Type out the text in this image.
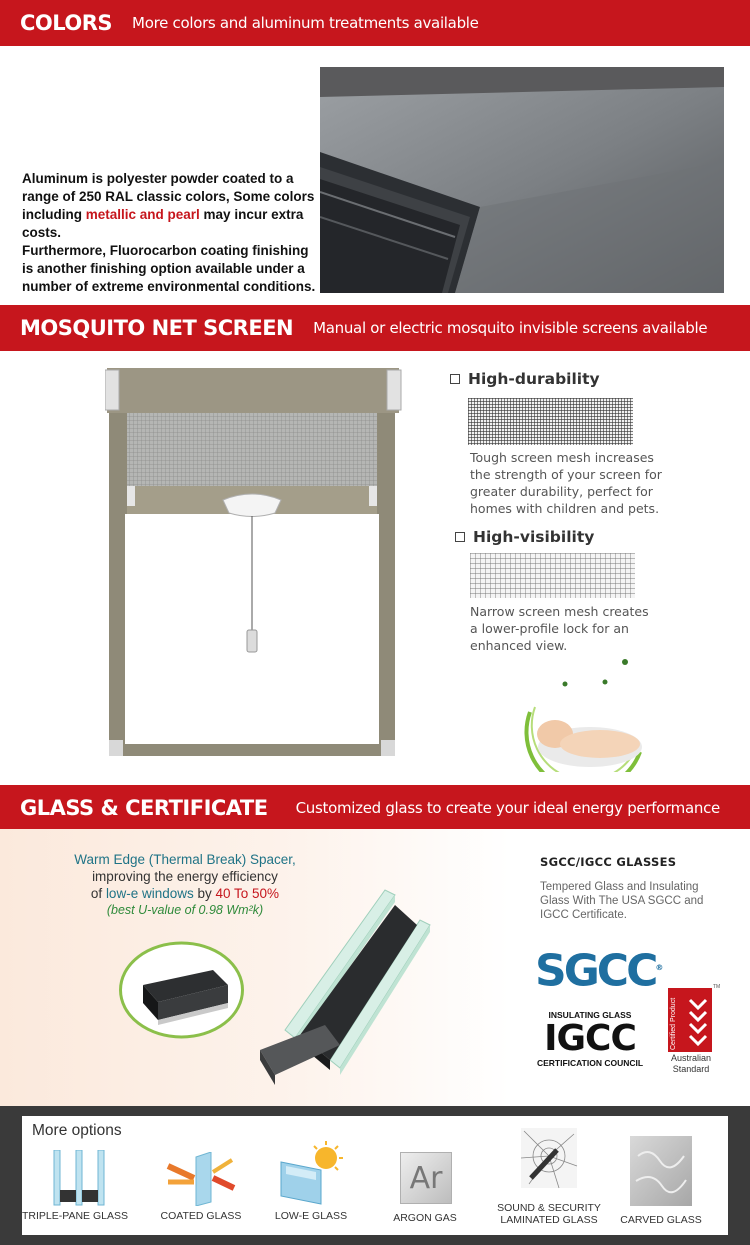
COLORS More colors and aluminum treatments available
Aluminum is polyester powder coated to a
range of 250 RAL classic colors, Some colors
including metallic and pearl may incur extra
costs.
Furthermore, Fluorocarbon coating finishing
is another finishing option available under a
number of extreme environmental conditions.
MOSQUITO NET SCREEN Manual or electric mosquito invisible screens available
High-durability
Tough screen mesh increases
the strength of your screen for
greater durability, perfect for
homes with children and pets.
High-visibility
Narrow screen mesh creates
a lower-profile lock for an
enhanced view.
GLASS & CERTIFICATE Customized glass to create your ideal energy performance
Warm Edge (Thermal Break) Spacer,
improving the energy efficiency
of low-e windows by 40 To 50%
(best U-value of 0.98 Wm²k)
SGCC/IGCC GLASSES
Tempered Glass and Insulating
Glass With The USA SGCC and
IGCC Certificate.
SGCC®
INSULATING GLASS
IGCC
CERTIFICATION COUNCIL
Certified Product
TM
Australian
Standard
More options
TRIPLE-PANE GLASS	COATED GLASS	LOW-E GLASS
Ar
ARGON GAS
SOUND & SECURITY
LAMINATED GLASS	CARVED GLASS
